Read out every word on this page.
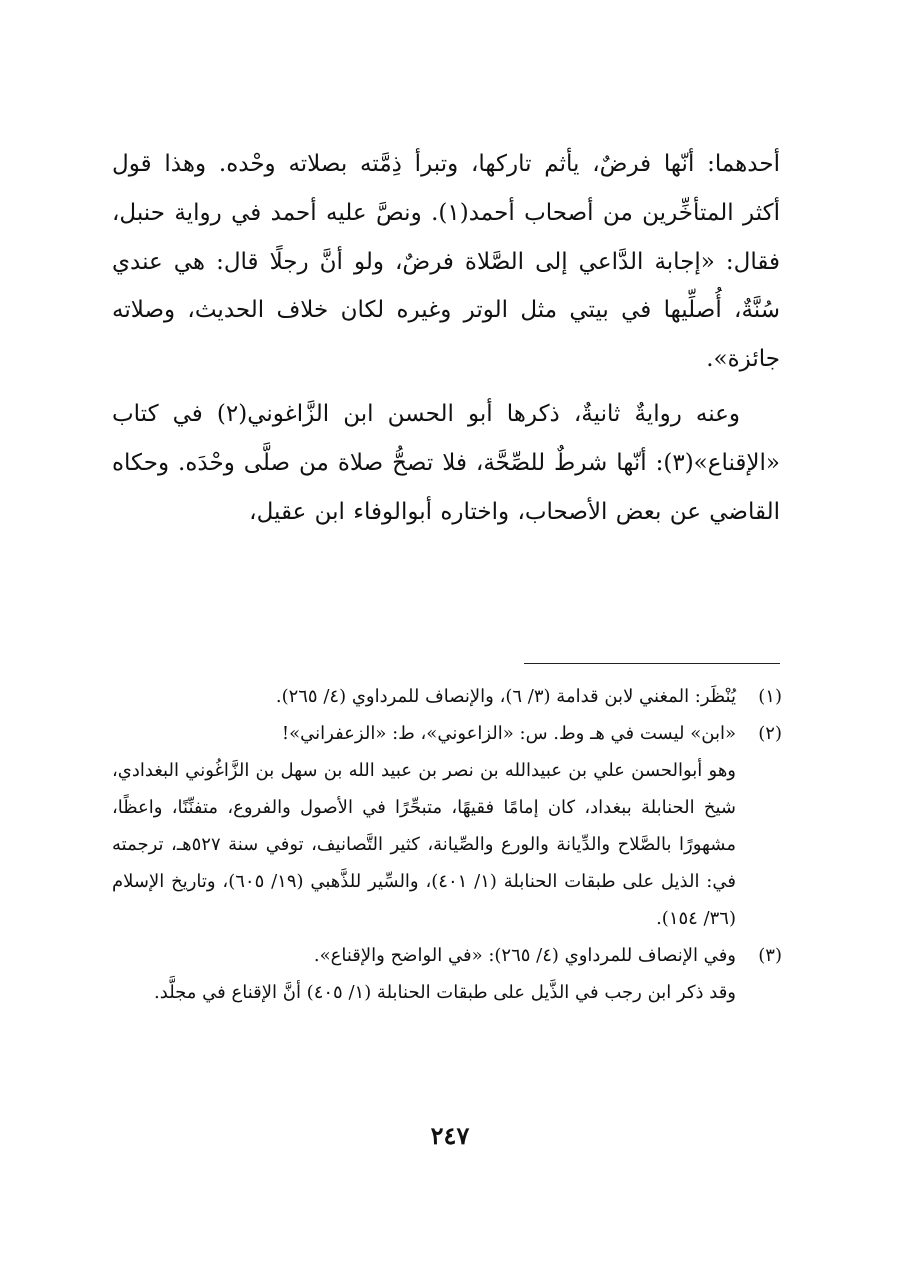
أحدهما: أنّها فرضٌ، يأثم تاركها، وتبرأ ذِمَّته بصلاته وحْده. وهذا قول أكثر المتأخِّرين من أصحاب أحمد(١). ونصَّ عليه أحمد في رواية حنبل، فقال: «إجابة الدَّاعي إلى الصَّلاة فرضٌ، ولو أنَّ رجلًا قال: هي عندي سُنَّةٌ، أُصلِّيها في بيتي مثل الوتر وغيره لكان خلاف الحديث، وصلاته جائزة».

وعنه روايةٌ ثانيةٌ، ذكرها أبو الحسن ابن الزَّاغوني(٢) في كتاب «الإقناع»(٣): أنّها شرطٌ للصِّحَّة، فلا تصحُّ صلاة من صلَّى وحْدَه. وحكاه القاضي عن بعض الأصحاب، واختاره أبوالوفاء ابن عقيل،

(١)

يُنْظَر: المغني لابن قدامة (٣/ ٦)، والإنصاف للمرداوي (٤/ ٢٦٥).

(٢)

«ابن» ليست في هـ وط. س: «الزاعوني»، ط: «الزعفراني»!

وهو أبوالحسن علي بن عبيدالله بن نصر بن عبيد الله بن سهل بن الزَّاغُوني البغدادي، شيخ الحنابلة ببغداد، كان إمامًا فقيهًا، متبحِّرًا في الأصول والفروع، متفنِّنًا، واعظًا، مشهورًا بالصَّلاح والدِّيانة والورع والصِّيانة، كثير التَّصانيف، توفي سنة ٥٢٧هـ، ترجمته في: الذيل على طبقات الحنابلة (١/ ٤٠١)، والسِّير للذَّهبي (١٩/ ٦٠٥)، وتاريخ الإسلام (٣٦/ ١٥٤).

(٣)

وفي الإنصاف للمرداوي (٤/ ٢٦٥): «في الواضح والإقناع».

وقد ذكر ابن رجب في الذَّيل على طبقات الحنابلة (١/ ٤٠٥) أنَّ الإقناع في مجلَّد.

٢٤٧
